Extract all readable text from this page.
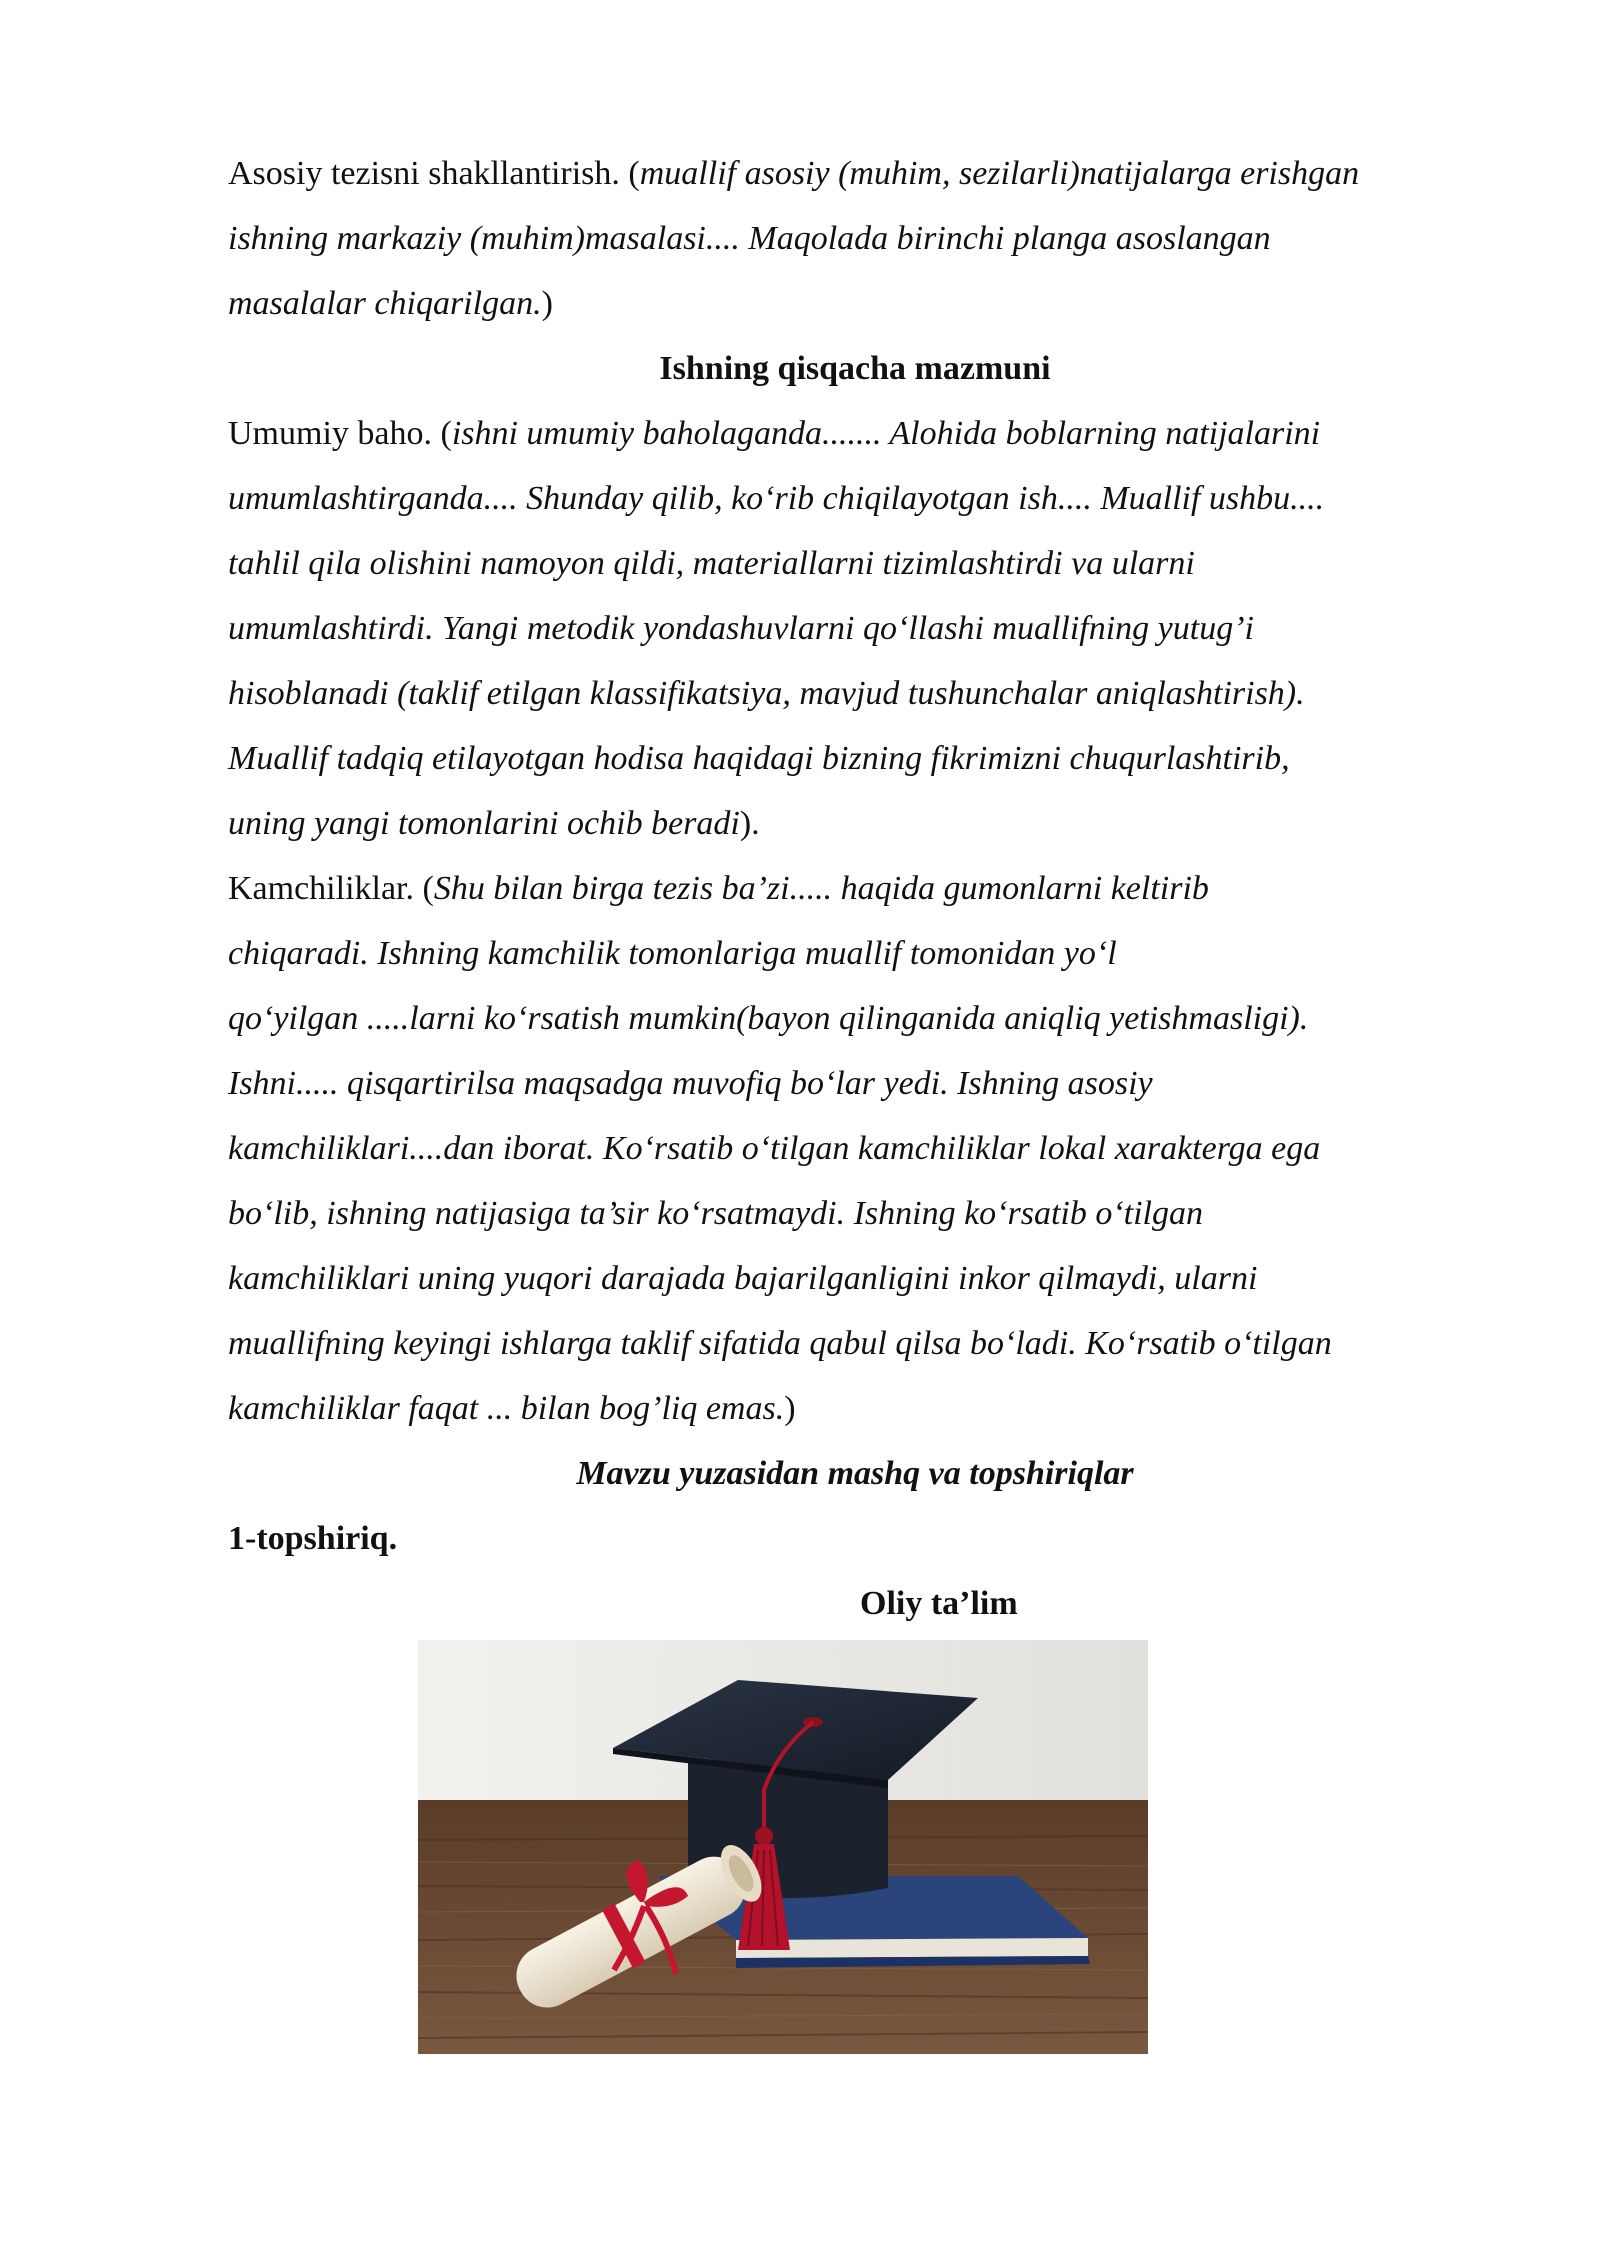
Asosiy tezisni shakllantirish. (muallif asosiy (muhim, sezilarli)natijalarga erishgan
ishning markaziy (muhim)masalasi.... Maqolada birinchi planga asoslangan
masalalar chiqarilgan.)
Ishning qisqacha mazmuni
Umumiy baho. (ishni umumiy baholaganda....... Alohida boblarning natijalarini
umumlashtirganda.... Shunday qilib, ko‘rib chiqilayotgan ish.... Muallif ushbu....
tahlil qila olishini namoyon qildi, materiallarni tizimlashtirdi va ularni
umumlashtirdi. Yangi metodik yondashuvlarni qo‘llashi muallifning yutug’i
hisoblanadi (taklif etilgan klassifikatsiya, mavjud tushunchalar aniqlashtirish).
Muallif tadqiq etilayotgan hodisa haqidagi bizning fikrimizni chuqurlashtirib,
uning yangi tomonlarini ochib beradi).
Kamchiliklar. (Shu bilan birga tezis ba’zi..... haqida gumonlarni keltirib
chiqaradi. Ishning kamchilik tomonlariga muallif tomonidan yo‘l
qo‘yilgan .....larni ko‘rsatish mumkin(bayon qilinganida aniqliq yetishmasligi).
Ishni..... qisqartirilsa maqsadga muvofiq bo‘lar yedi. Ishning asosiy
kamchiliklari....dan iborat. Ko‘rsatib o‘tilgan kamchiliklar lokal xarakterga ega
bo‘lib, ishning natijasiga ta’sir ko‘rsatmaydi. Ishning ko‘rsatib o‘tilgan
kamchiliklari uning yuqori darajada bajarilganligini inkor qilmaydi, ularni
muallifning keyingi ishlarga taklif sifatida qabul qilsa bo‘ladi. Ko‘rsatib o‘tilgan
kamchiliklar faqat ... bilan bog’liq emas.)
Mavzu yuzasidan mashq va topshiriqlar
1-topshiriq.
Oliy ta’lim
